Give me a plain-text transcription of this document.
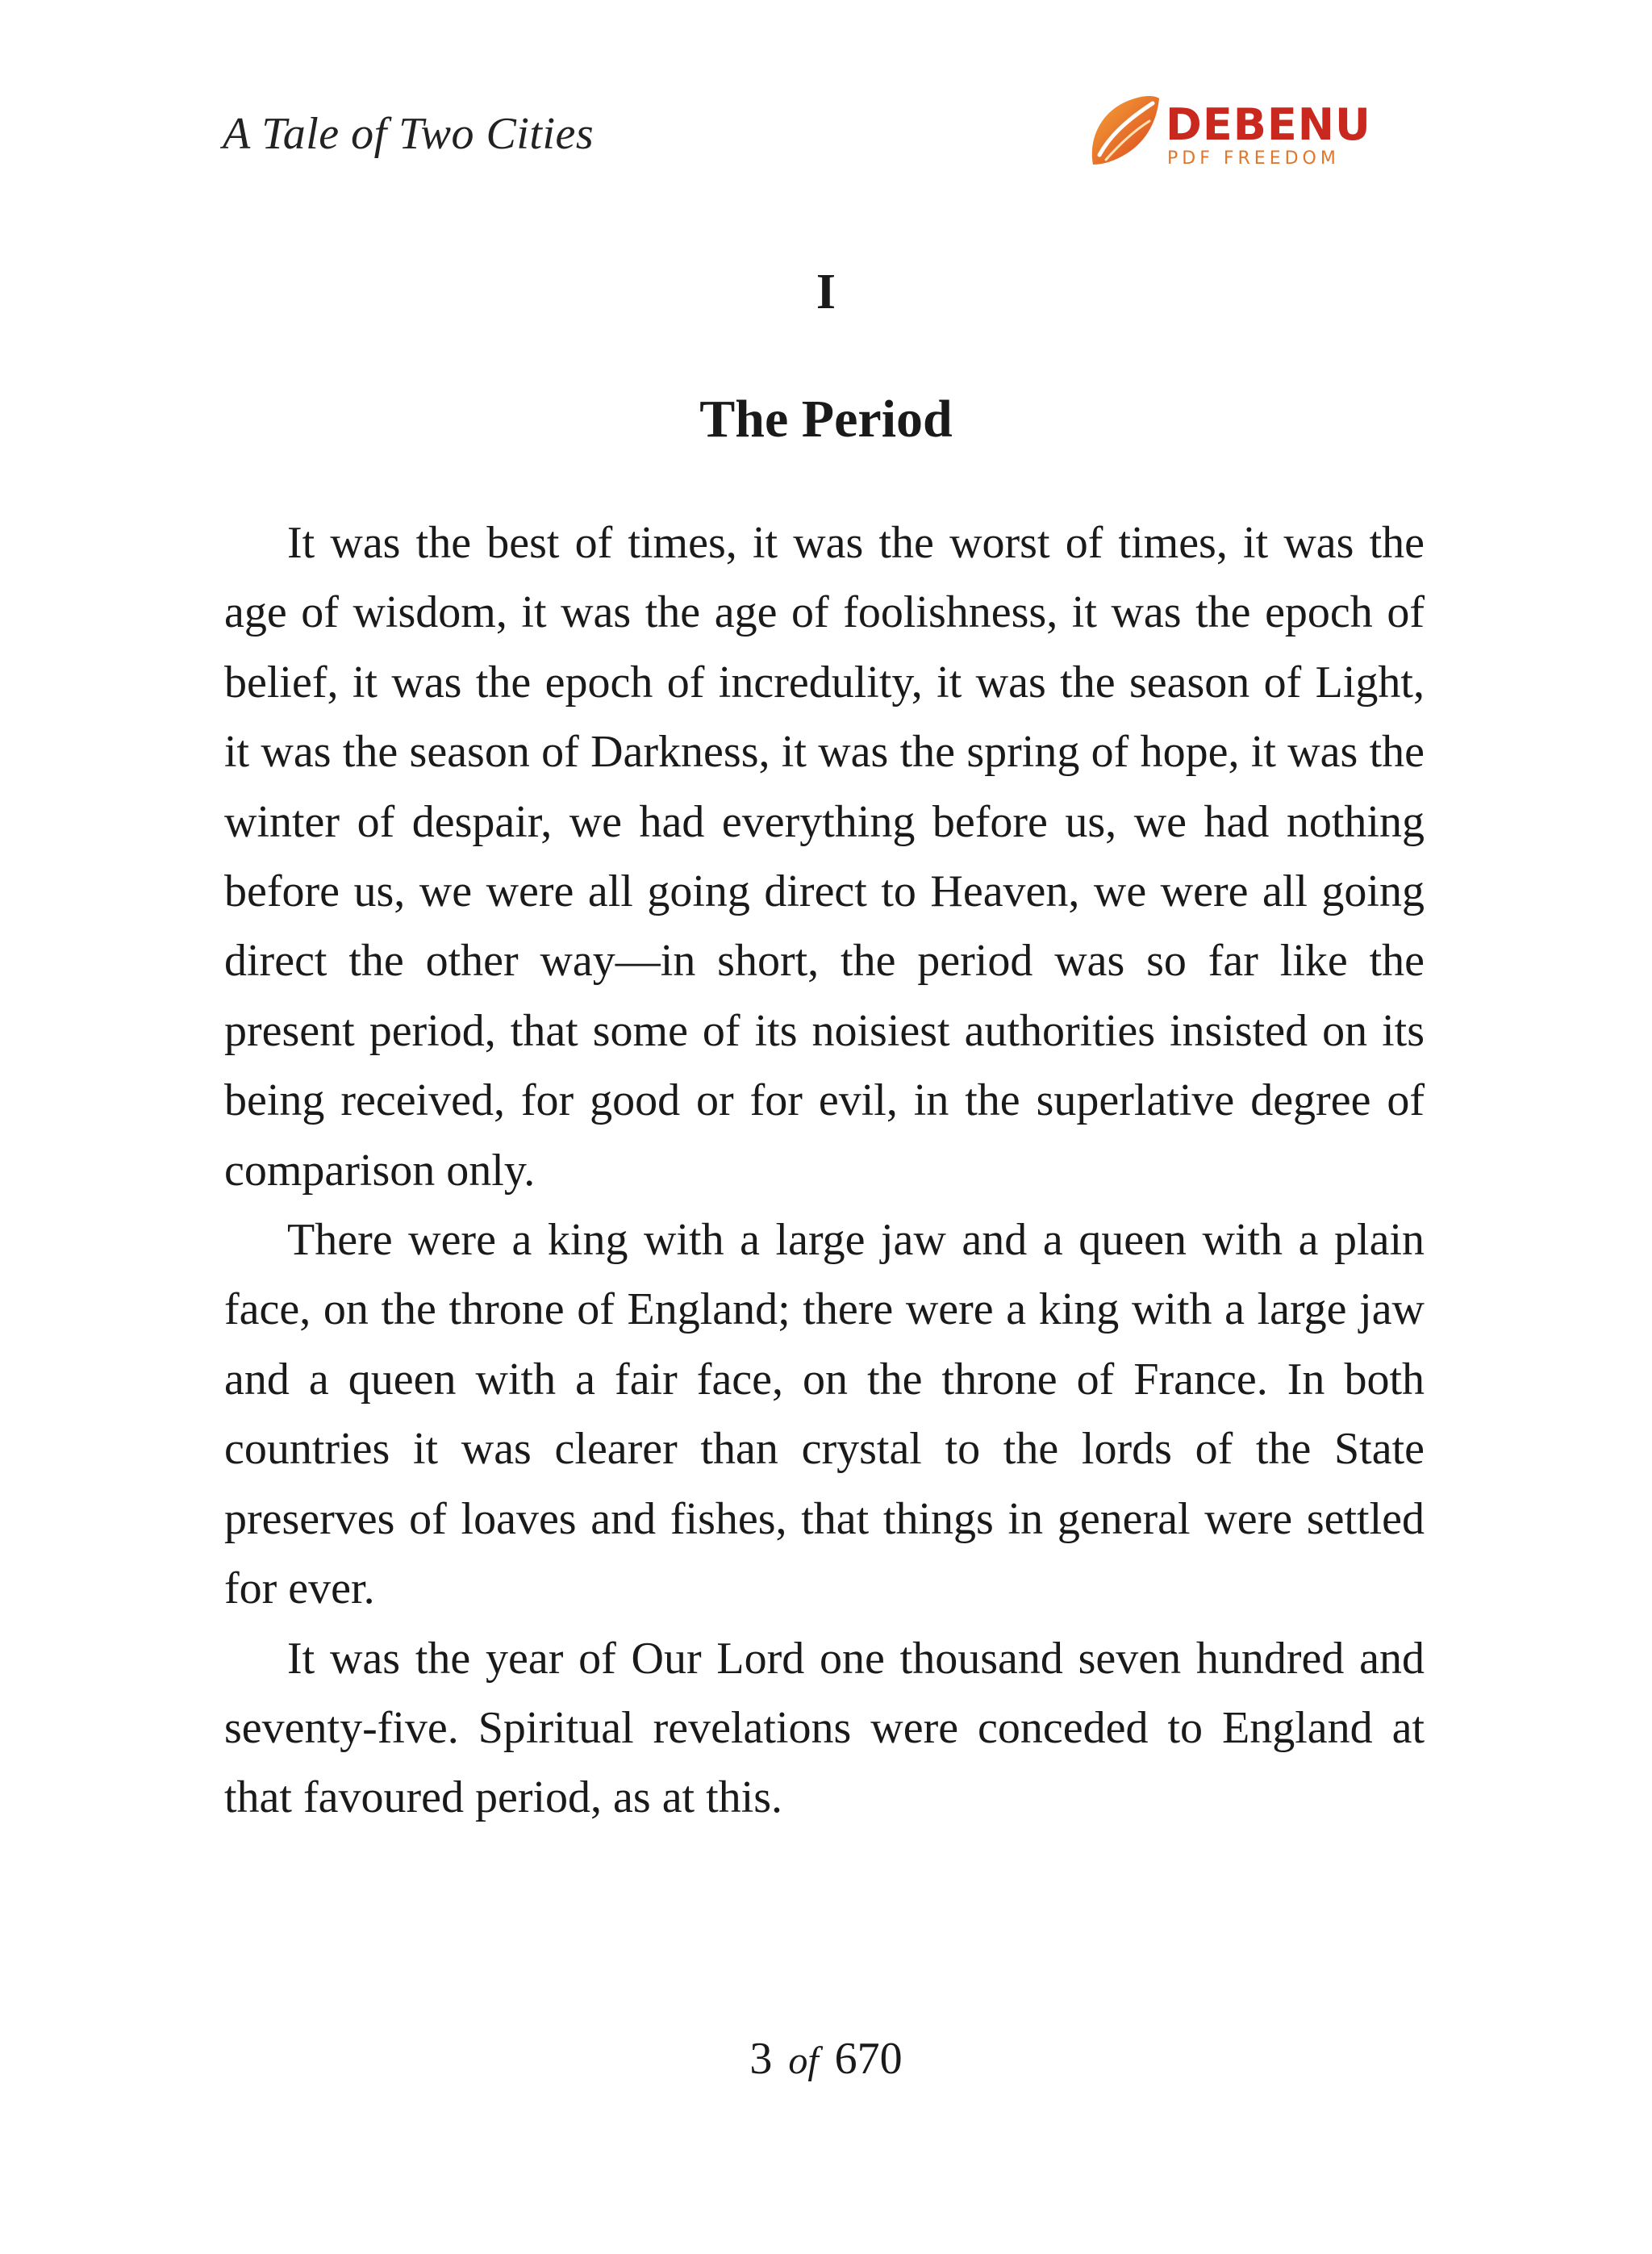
A Tale of Two Cities	DEBENU
PDF FREEDOM
I
The Period

It was the best of times, it was the worst of times, it was the age of wisdom, it was the age of foolishness, it was the epoch of belief, it was the epoch of incredulity, it was the season of Light, it was the season of Darkness, it was the spring of hope, it was the winter of despair, we had everything before us, we had nothing before us, we were all going direct to Heaven, we were all going direct the other way—in short, the period was so far like the present period, that some of its noisiest authorities insisted on its being received, for good or for evil, in the superlative degree of comparison only.

There were a king with a large jaw and a queen with a plain face, on the throne of England; there were a king with a large jaw and a queen with a fair face, on the throne of France. In both countries it was clearer than crystal to the lords of the State preserves of loaves and fishes, that things in general were settled for ever.

It was the year of Our Lord one thousand seven hundred and seventy-five. Spiritual revelations were conceded to England at that favoured period, as at this.

3 of 670
